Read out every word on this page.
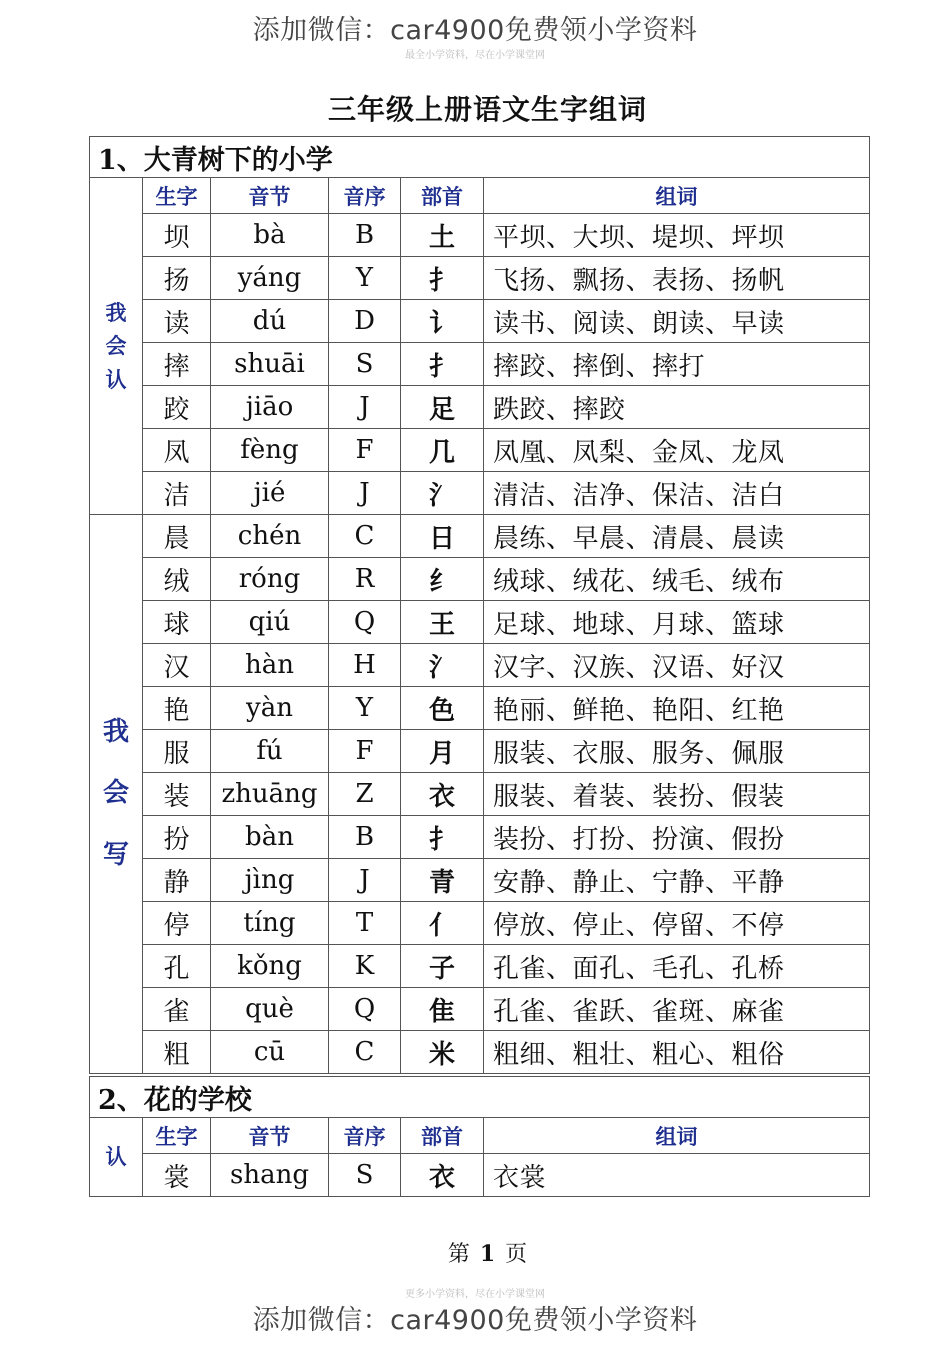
添加微信：car4900免费领小学资料
最全小学资料，尽在小学课堂网
三年级上册语文生字组词
1、大青树下的小学					

我
会
认	生字	音节	音序	部首	组词
	坝	bà	B	土	平坝、大坝、堤坝、坪坝
	扬	yáng	Y	扌	飞扬、飘扬、表扬、扬帆
	读	dú	D	讠	读书、阅读、朗读、早读
	摔	shuāi	S	扌	摔跤、摔倒、摔打
	跤	jiāo	J	足	跌跤、摔跤
	凤	fèng	F	几	凤凰、凤梨、金凤、龙凤
	洁	jié	J	氵	清洁、洁净、保洁、洁白

我
会
写	晨	chén	C	日	晨练、早晨、清晨、晨读
	绒	róng	R	纟	绒球、绒花、绒毛、绒布
	球	qiú	Q	王	足球、地球、月球、篮球
	汉	hàn	H	氵	汉字、汉族、汉语、好汉
	艳	yàn	Y	色	艳丽、鲜艳、艳阳、红艳
	服	fú	F	月	服装、衣服、服务、佩服
	装	zhuāng	Z	衣	服装、着装、装扮、假装
	扮	bàn	B	扌	装扮、打扮、扮演、假扮
	静	jìng	J	青	安静、静止、宁静、平静
	停	tíng	T	亻	停放、停止、停留、不停
	孔	kǒng	K	子	孔雀、面孔、毛孔、孔桥
	雀	què	Q	隹	孔雀、雀跃、雀斑、麻雀
	粗	cū	C	米	粗细、粗壮、粗心、粗俗
2、花的学校					
认	生字	音节	音序	部首	组词
	裳	shang	S	衣	衣裳
第 1 页
更多小学资料，尽在小学课堂网
添加微信：car4900免费领小学资料
